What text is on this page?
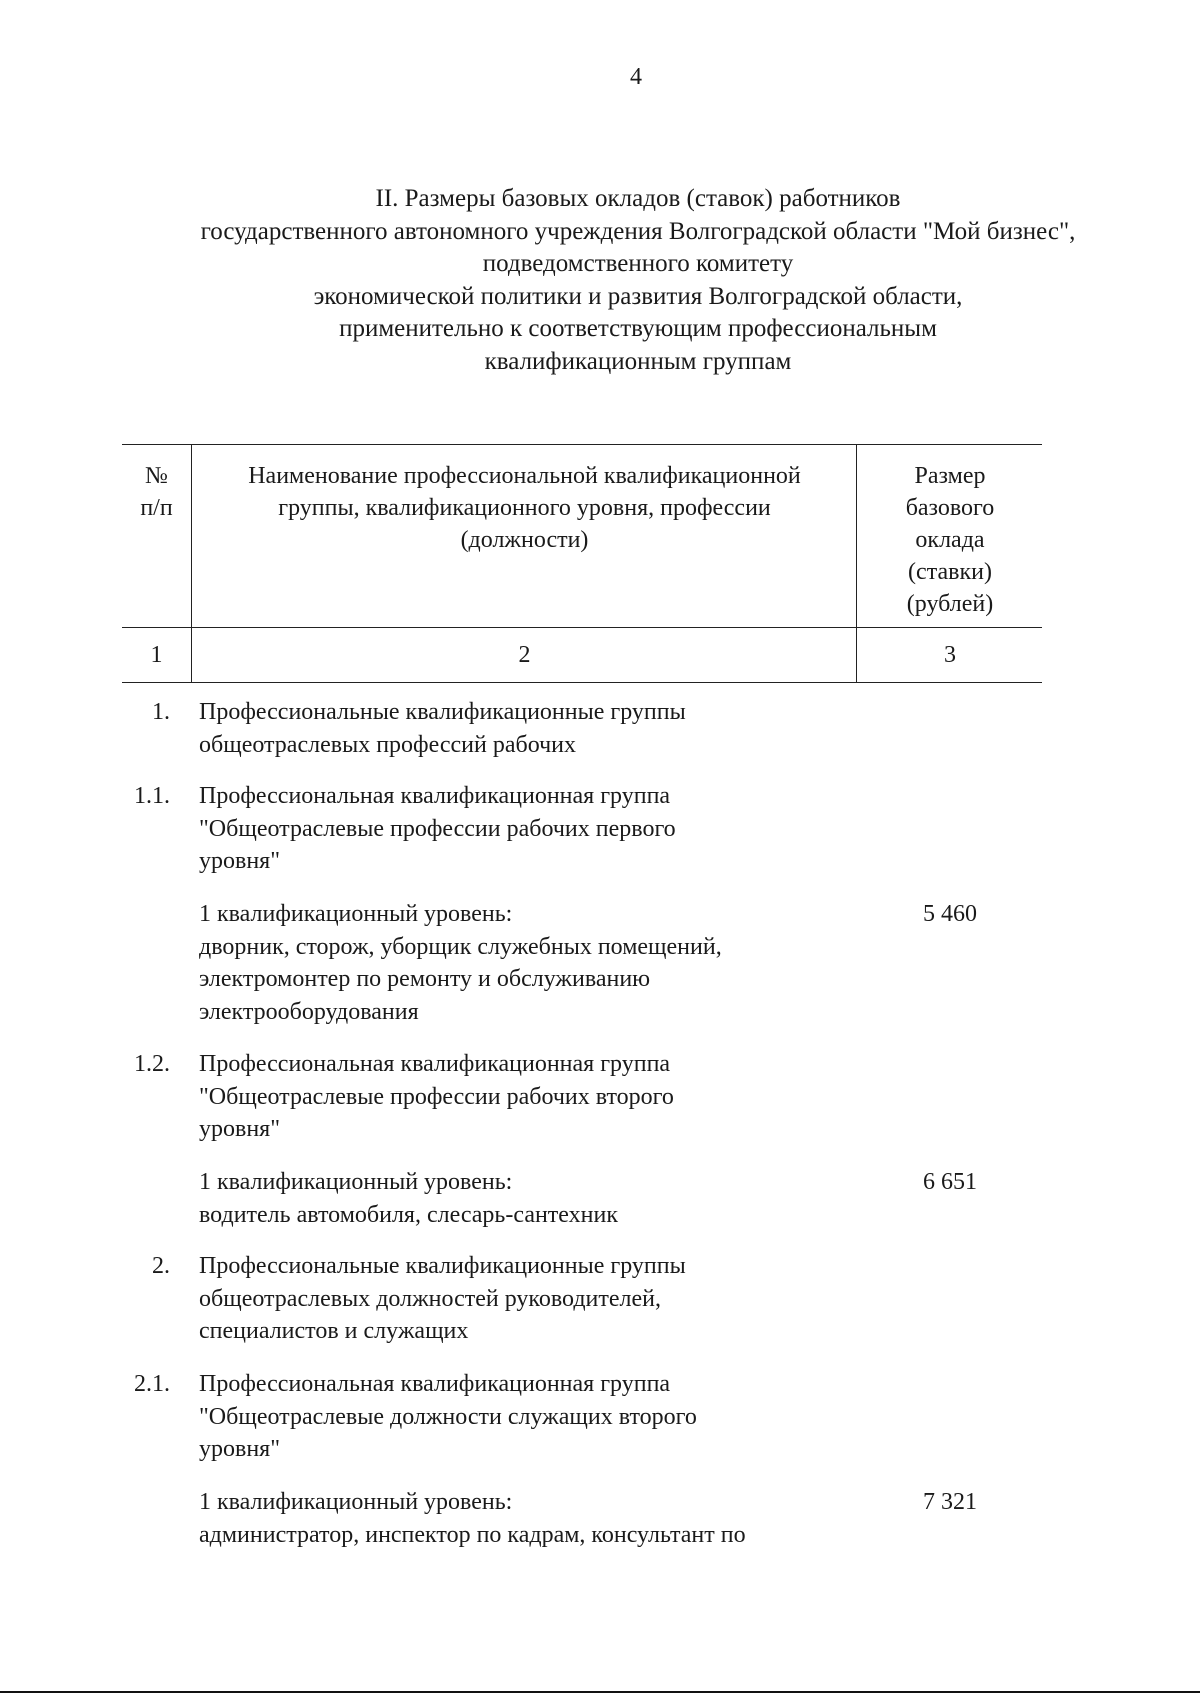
4
II. Размеры базовых окладов (ставок) работников
государственного автономного учреждения Волгоградской области "Мой бизнес",
подведомственного комитету
экономической политики и развития Волгоградской области,
применительно к соответствующим профессиональным
квалификационным группам
№
п/п
Наименование профессиональной квалификационной
группы, квалификационного уровня, профессии
(должности)
Размер
базового
оклада
(ставки)
(рублей)
1	2	3
1. Профессиональные квалификационные группы
общеотраслевых профессий рабочих
1.1. Профессиональная квалификационная группа
"Общеотраслевые профессии рабочих первого
уровня"
1 квалификационный уровень:
дворник, сторож, уборщик служебных помещений,
электромонтер по ремонту и обслуживанию
электрооборудования
5 460
1.2. Профессиональная квалификационная группа
"Общеотраслевые профессии рабочих второго
уровня"
1 квалификационный уровень:
водитель автомобиля, слесарь-сантехник
6 651
2. Профессиональные квалификационные группы
общеотраслевых должностей руководителей,
специалистов и служащих
2.1. Профессиональная квалификационная группа
"Общеотраслевые должности служащих второго
уровня"
1 квалификационный уровень:
администратор, инспектор по кадрам, консультант по
7 321
